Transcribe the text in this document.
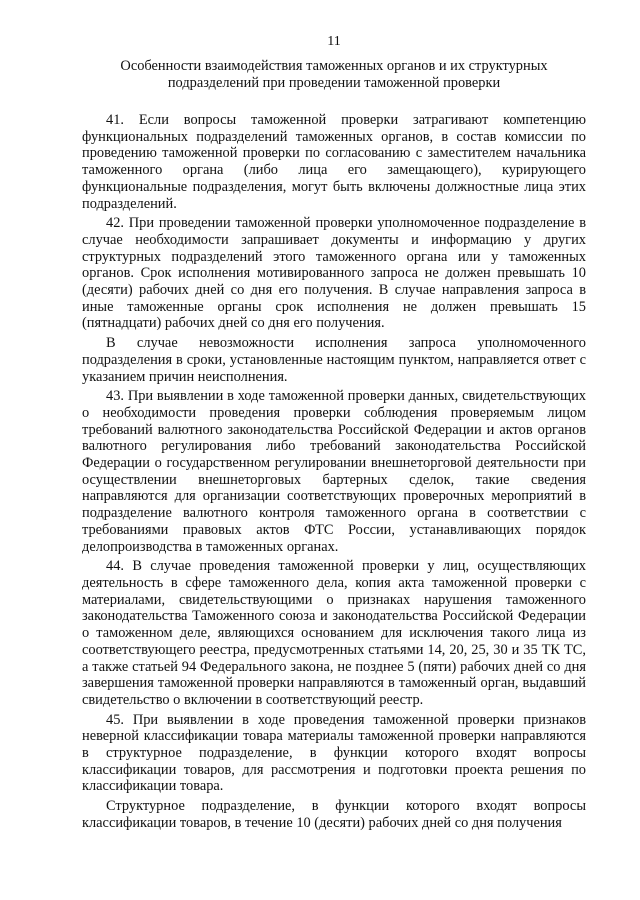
11
Особенности взаимодействия таможенных органов и их структурных
подразделений при проведении таможенной проверки

41. Если вопросы таможенной проверки затрагивают компетенцию функциональных подразделений таможенных органов, в состав комиссии по проведению таможенной проверки по согласованию с заместителем начальника таможенного органа (либо лица его замещающего), курирующего функциональные подразделения, могут быть включены должностные лица этих подразделений.

42. При проведении таможенной проверки уполномоченное подразделение в случае необходимости запрашивает документы и информацию у других структурных подразделений этого таможенного органа или у таможенных органов. Срок исполнения мотивированного запроса не должен превышать 10 (десяти) рабочих дней со дня его получения. В случае направления запроса в иные таможенные органы срок исполнения не должен превышать 15 (пятнадцати) рабочих дней со дня его получения.

В случае невозможности исполнения запроса уполномоченного подразделения в сроки, установленные настоящим пунктом, направляется ответ с указанием причин неисполнения.

43. При выявлении в ходе таможенной проверки данных, свидетельствующих о необходимости проведения проверки соблюдения проверяемым лицом требований валютного законодательства Российской Федерации и актов органов валютного регулирования либо требований законодательства Российской Федерации о государственном регулировании внешнеторговой деятельности при осуществлении внешнеторговых бартерных сделок, такие сведения направляются для организации соответствующих проверочных мероприятий в подразделение валютного контроля таможенного органа в соответствии с требованиями правовых актов ФТС России, устанавливающих порядок делопроизводства в таможенных органах.

44. В случае проведения таможенной проверки у лиц, осуществляющих деятельность в сфере таможенного дела, копия акта таможенной проверки с материалами, свидетельствующими о признаках нарушения таможенного законодательства Таможенного союза и законодательства Российской Федерации о таможенном деле, являющихся основанием для исключения такого лица из соответствующего реестра, предусмотренных статьями 14, 20, 25, 30 и 35 ТК ТС, а также статьей 94 Федерального закона, не позднее 5 (пяти) рабочих дней со дня завершения таможенной проверки направляются в таможенный орган, выдавший свидетельство о включении в соответствующий реестр.

45. При выявлении в ходе проведения таможенной проверки признаков неверной классификации товара материалы таможенной проверки направляются в структурное подразделение, в функции которого входят вопросы классификации товаров, для рассмотрения и подготовки проекта решения по классификации товара.

Структурное подразделение, в функции которого входят вопросы классификации товаров, в течение 10 (десяти) рабочих дней со дня получения
